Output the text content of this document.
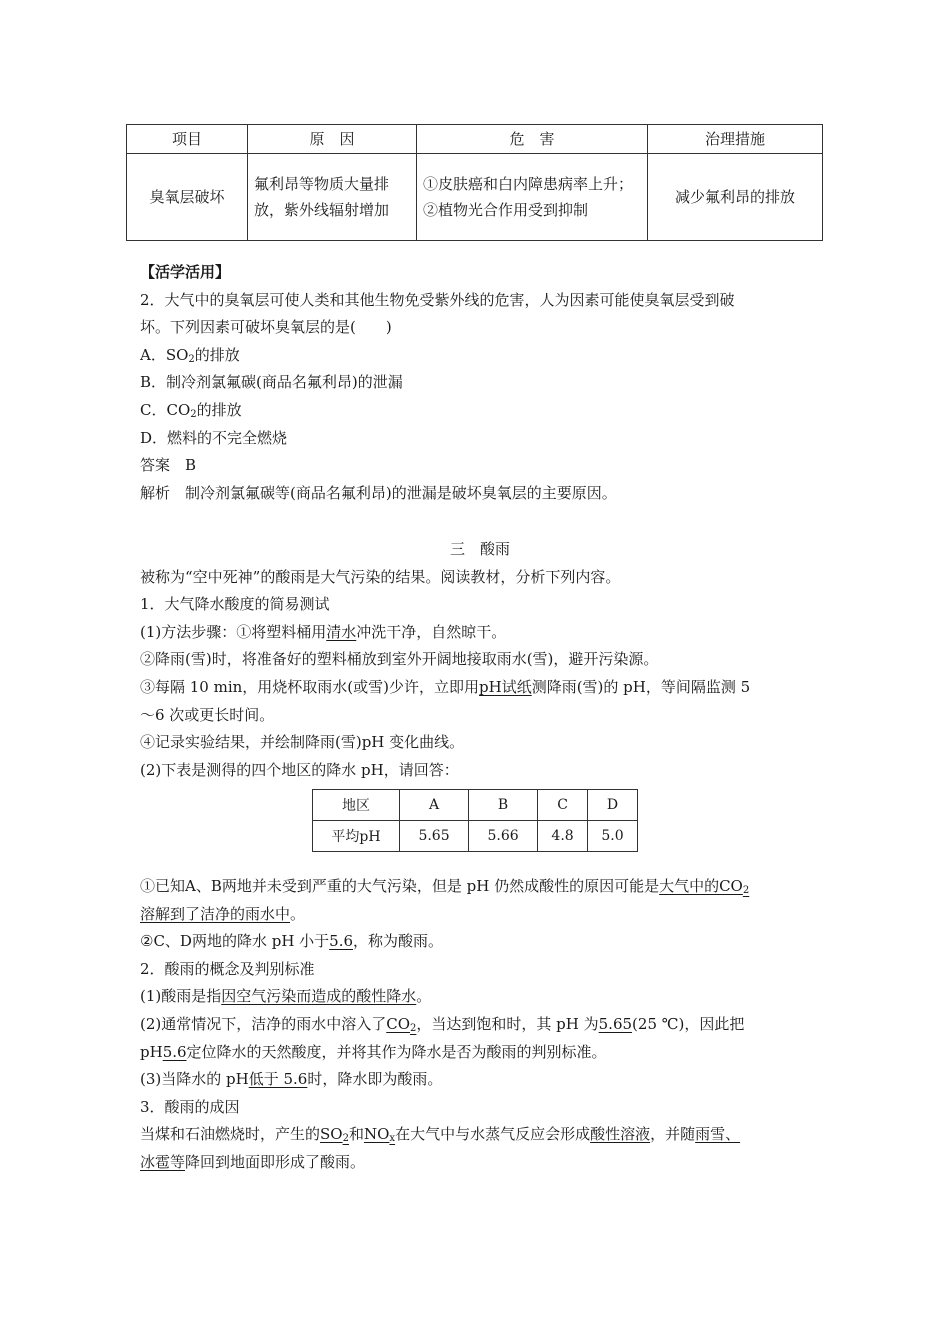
项目	原　因	危　害	治理措施
臭氧层破坏	氟利昂等物质大量排放，紫外线辐射增加	①皮肤癌和白内障患病率上升；②植物光合作用受到抑制	减少氟利昂的排放
【活学活用】
2．大气中的臭氧层可使人类和其他生物免受紫外线的危害，人为因素可能使臭氧层受到破
坏。下列因素可破坏臭氧层的是(　　)
A．$SO_2$的排放
B．制冷剂氯氟碳(商品名氟利昂)的泄漏
C．$CO_2$的排放
D．燃料的不完全燃烧
答案　B
解析　制冷剂氯氟碳等(商品名氟利昂)的泄漏是破坏臭氧层的主要原因。
三　酸雨
被称为“空中死神”的酸雨是大气污染的结果。阅读教材，分析下列内容。
1．大气降水酸度的简易测试
(1)方法步骤：①将塑料桶用清水冲洗干净，自然晾干。
②降雨(雪)时，将准备好的塑料桶放到室外开阔地接取雨水(雪)，避开污染源。
③每隔 10 min，用烧杯取雨水(或雪)少许，立即用pH试纸测降雨(雪)的 pH，等间隔监测 5
～6 次或更长时间。
④记录实验结果，并绘制降雨(雪)pH 变化曲线。
(2)下表是测得的四个地区的降水 pH，请回答：
地区	A	B	C	D
平均pH	5.65	5.66	4.8	5.0
①已知A、B两地并未受到严重的大气污染，但是 pH 仍然成酸性的原因可能是大气中的$CO_2$
溶解到了洁净的雨水中。
②C、D两地的降水 pH 小于5.6，称为酸雨。
2．酸雨的概念及判别标准
(1)酸雨是指因空气污染而造成的酸性降水。
(2)通常情况下，洁净的雨水中溶入了$CO_2$，当达到饱和时，其 pH 为5.65(25 ℃)，因此把
pH5.6定位降水的天然酸度，并将其作为降水是否为酸雨的判别标准。
(3)当降水的 pH低于 5.6时，降水即为酸雨。
3．酸雨的成因
当煤和石油燃烧时，产生的$SO_2$和$NO_x$在大气中与水蒸气反应会形成酸性溶液，并随雨雪、
冰雹等降回到地面即形成了酸雨。
